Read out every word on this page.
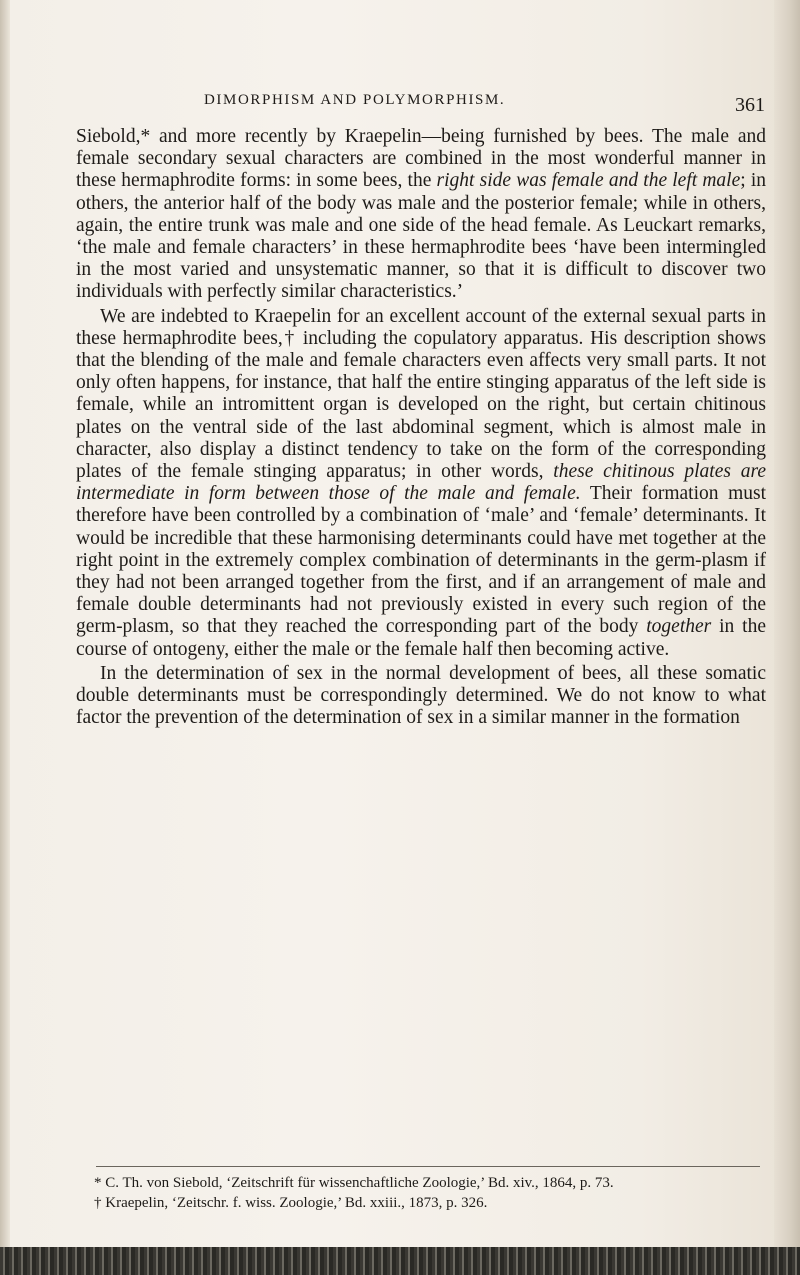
DIMORPHISM AND POLYMORPHISM.	361

Siebold,* and more recently by Kraepelin—being furnished by bees. The male and female secondary sexual characters are combined in the most wonderful manner in these hermaphrodite forms: in some bees, the right side was female and the left male; in others, the anterior half of the body was male and the posterior female; while in others, again, the entire trunk was male and one side of the head female. As Leuckart remarks, ‘the male and female characters’ in these hermaphrodite bees ‘have been intermingled in the most varied and unsystematic manner, so that it is difficult to discover two individuals with perfectly similar characteristics.’

We are indebted to Kraepelin for an excellent account of the external sexual parts in these hermaphrodite bees,† including the copulatory apparatus. His description shows that the blending of the male and female characters even affects very small parts. It not only often happens, for instance, that half the entire stinging apparatus of the left side is female, while an intromittent organ is developed on the right, but certain chitinous plates on the ventral side of the last abdominal segment, which is almost male in character, also display a distinct tendency to take on the form of the corresponding plates of the female stinging apparatus; in other words, these chitinous plates are intermediate in form between those of the male and female. Their formation must therefore have been controlled by a combination of ‘male’ and ‘female’ determinants. It would be incredible that these harmonising determinants could have met together at the right point in the extremely complex combination of determinants in the germ-plasm if they had not been arranged together from the first, and if an arrangement of male and female double determinants had not previously existed in every such region of the germ-plasm, so that they reached the corresponding part of the body together in the course of ontogeny, either the male or the female half then becoming active.

In the determination of sex in the normal development of bees, all these somatic double determinants must be correspondingly determined. We do not know to what factor the prevention of the determination of sex in a similar manner in the formation

* C. Th. von Siebold, ‘Zeitschrift für wissenchaftliche Zoologie,’ Bd. xiv., 1864, p. 73.

† Kraepelin, ‘Zeitschr. f. wiss. Zoologie,’ Bd. xxiii., 1873, p. 326.
